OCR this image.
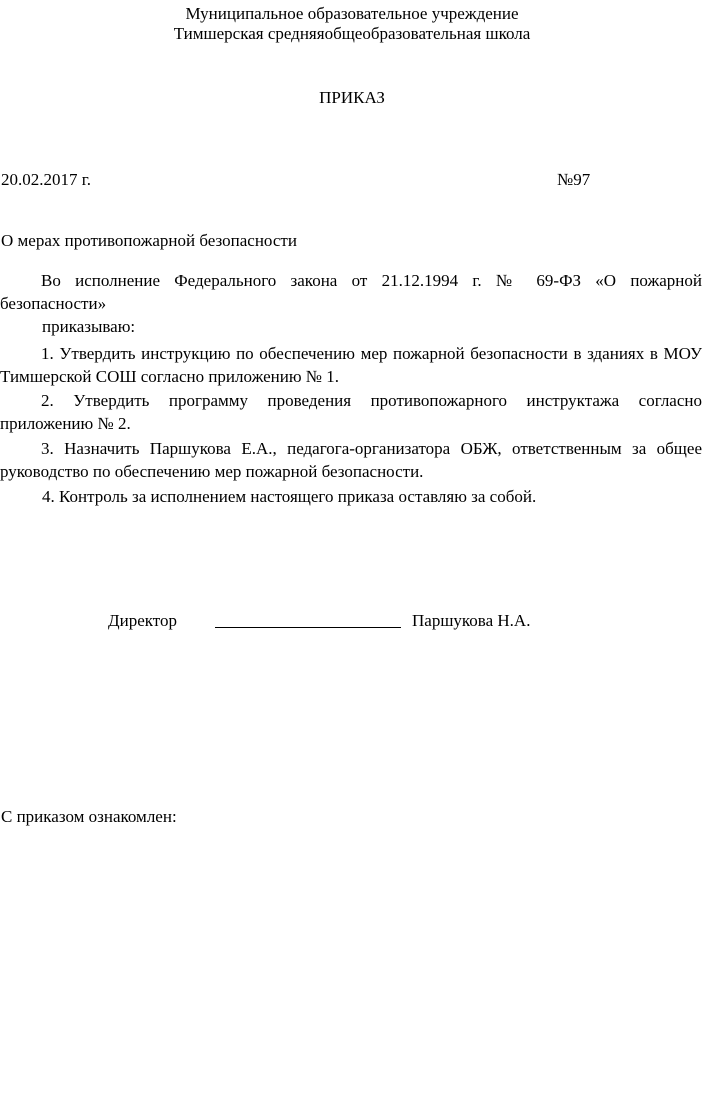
Муниципальное образовательное учреждение
Тимшерская средняяобщеобразовательная школа
ПРИКАЗ
20.02.2017 г.	№97
О мерах противопожарной безопасности
Во исполнение Федерального закона от 21.12.1994 г. № 69-ФЗ «О пожарной безопасности»
приказываю:
1. Утвердить инструкцию по обеспечению мер пожарной безопасности в зданиях в МОУ Тимшерской СОШ согласно приложению № 1.
2. Утвердить программу проведения противопожарного инструктажа согласно приложению № 2.
3. Назначить Паршукова Е.А., педагога-организатора ОБЖ, ответственным за общее руководство по обеспечению мер пожарной безопасности.
4. Контроль за исполнением настоящего приказа оставляю за собой.
Директор	Паршукова Н.А.
С приказом ознакомлен:
